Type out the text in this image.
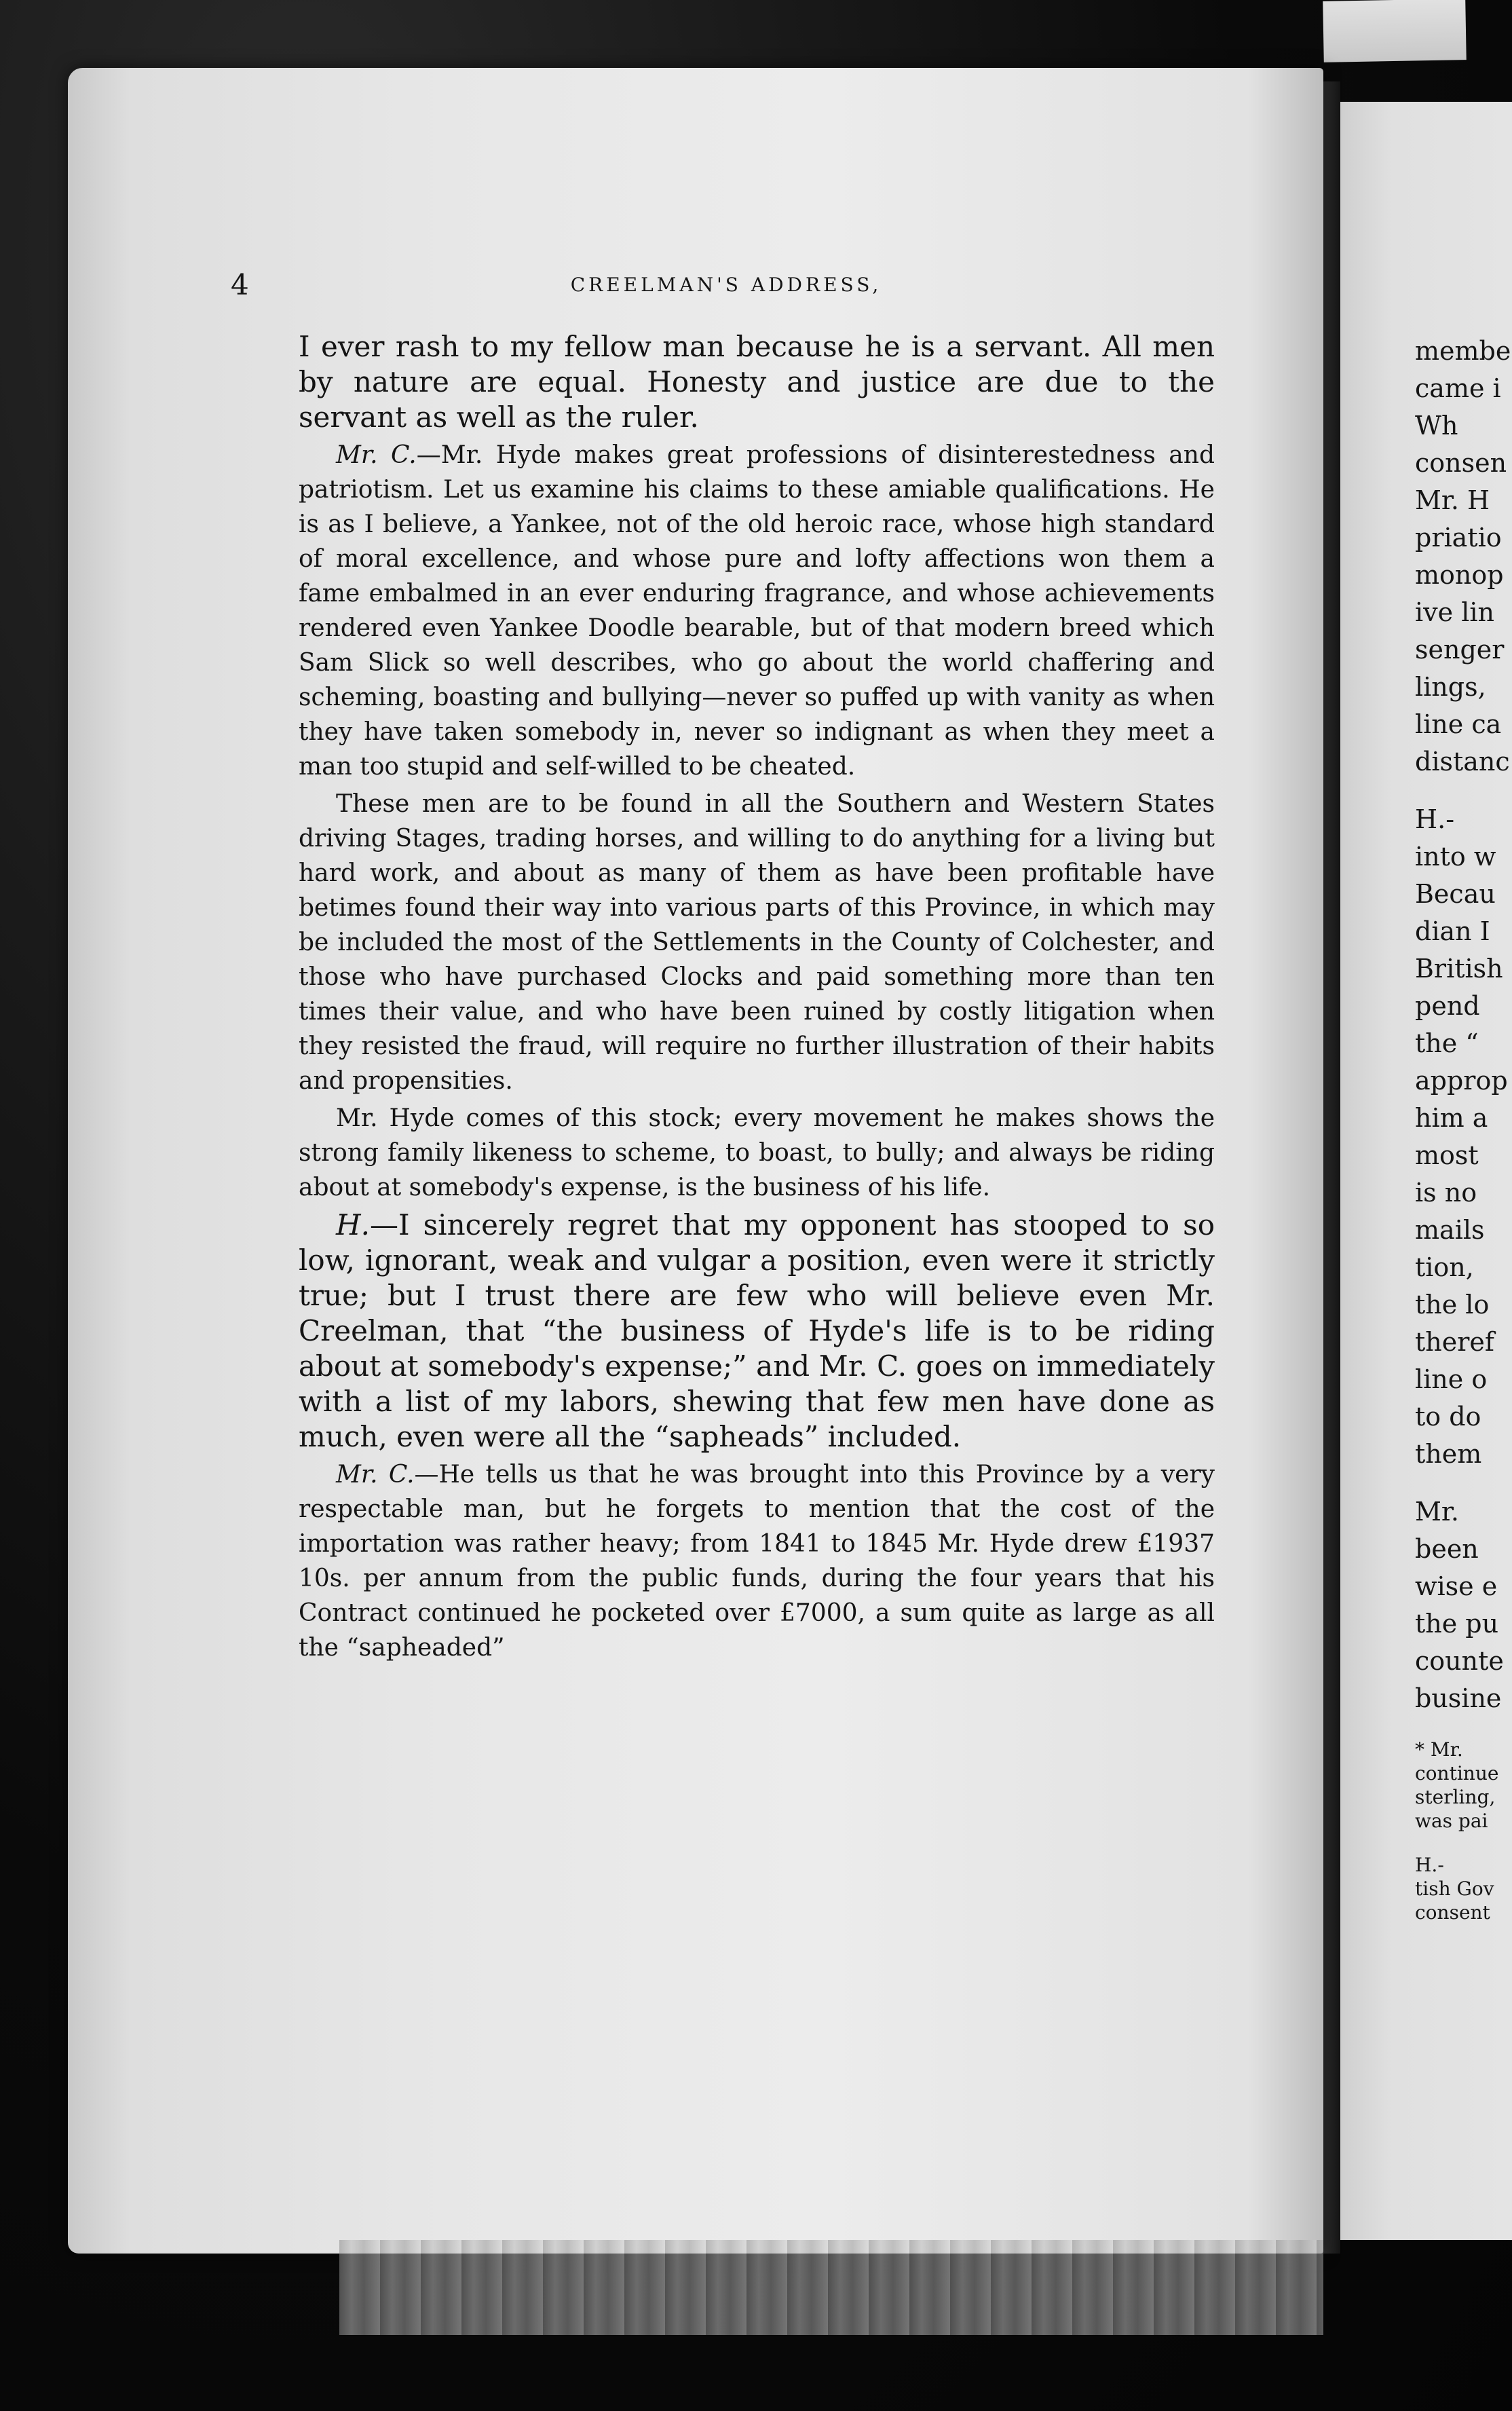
4	CREELMAN'S ADDRESS,

I ever rash to my fellow man because he is a servant. All men by nature are equal. Honesty and justice are due to the servant as well as the ruler.

Mr. C.—Mr. Hyde makes great professions of disinterestedness and patriotism. Let us examine his claims to these amiable qualifications. He is as I believe, a Yankee, not of the old heroic race, whose high standard of moral excellence, and whose pure and lofty affections won them a fame embalmed in an ever enduring fragrance, and whose achievements rendered even Yankee Doodle bearable, but of that modern breed which Sam Slick so well describes, who go about the world chaffering and scheming, boasting and bullying—never so puffed up with vanity as when they have taken somebody in, never so indignant as when they meet a man too stupid and self-willed to be cheated.

These men are to be found in all the Southern and Western States driving Stages, trading horses, and willing to do anything for a living but hard work, and about as many of them as have been profitable have betimes found their way into various parts of this Province, in which may be included the most of the Settlements in the County of Colchester, and those who have purchased Clocks and paid something more than ten times their value, and who have been ruined by costly litigation when they resisted the fraud, will require no further illustration of their habits and propensities.

Mr. Hyde comes of this stock; every movement he makes shows the strong family likeness to scheme, to boast, to bully; and always be riding about at somebody's expense, is the business of his life.

H.—I sincerely regret that my opponent has stooped to so low, ignorant, weak and vulgar a position, even were it strictly true; but I trust there are few who will believe even Mr. Creelman, that “the business of Hyde's life is to be riding about at somebody's expense;” and Mr. C. goes on immediately with a list of my labors, shewing that few men have done as much, even were all the “sapheads” included.

Mr. C.—He tells us that he was brought into this Province by a very respectable man, but he forgets to mention that the cost of the importation was rather heavy; from 1841 to 1845 Mr. Hyde drew £1937 10s. per annum from the public funds, during the four years that his Contract continued he pocketed over £7000, a sum quite as large as all the “sapheaded”

membe
came i
Wh
consen
Mr. H
priatio
monop
ive lin
senger
lings,
line ca
distanc
H.-
into w
Becau
dian I
British
pend
the “
approp
him a
most
is no
mails
tion,
the lo
theref
line o
to do
them
Mr.
been
wise e
the pu
counte
busine
* Mr.
continue
sterling,
was pai
H.-
tish Gov
consent
